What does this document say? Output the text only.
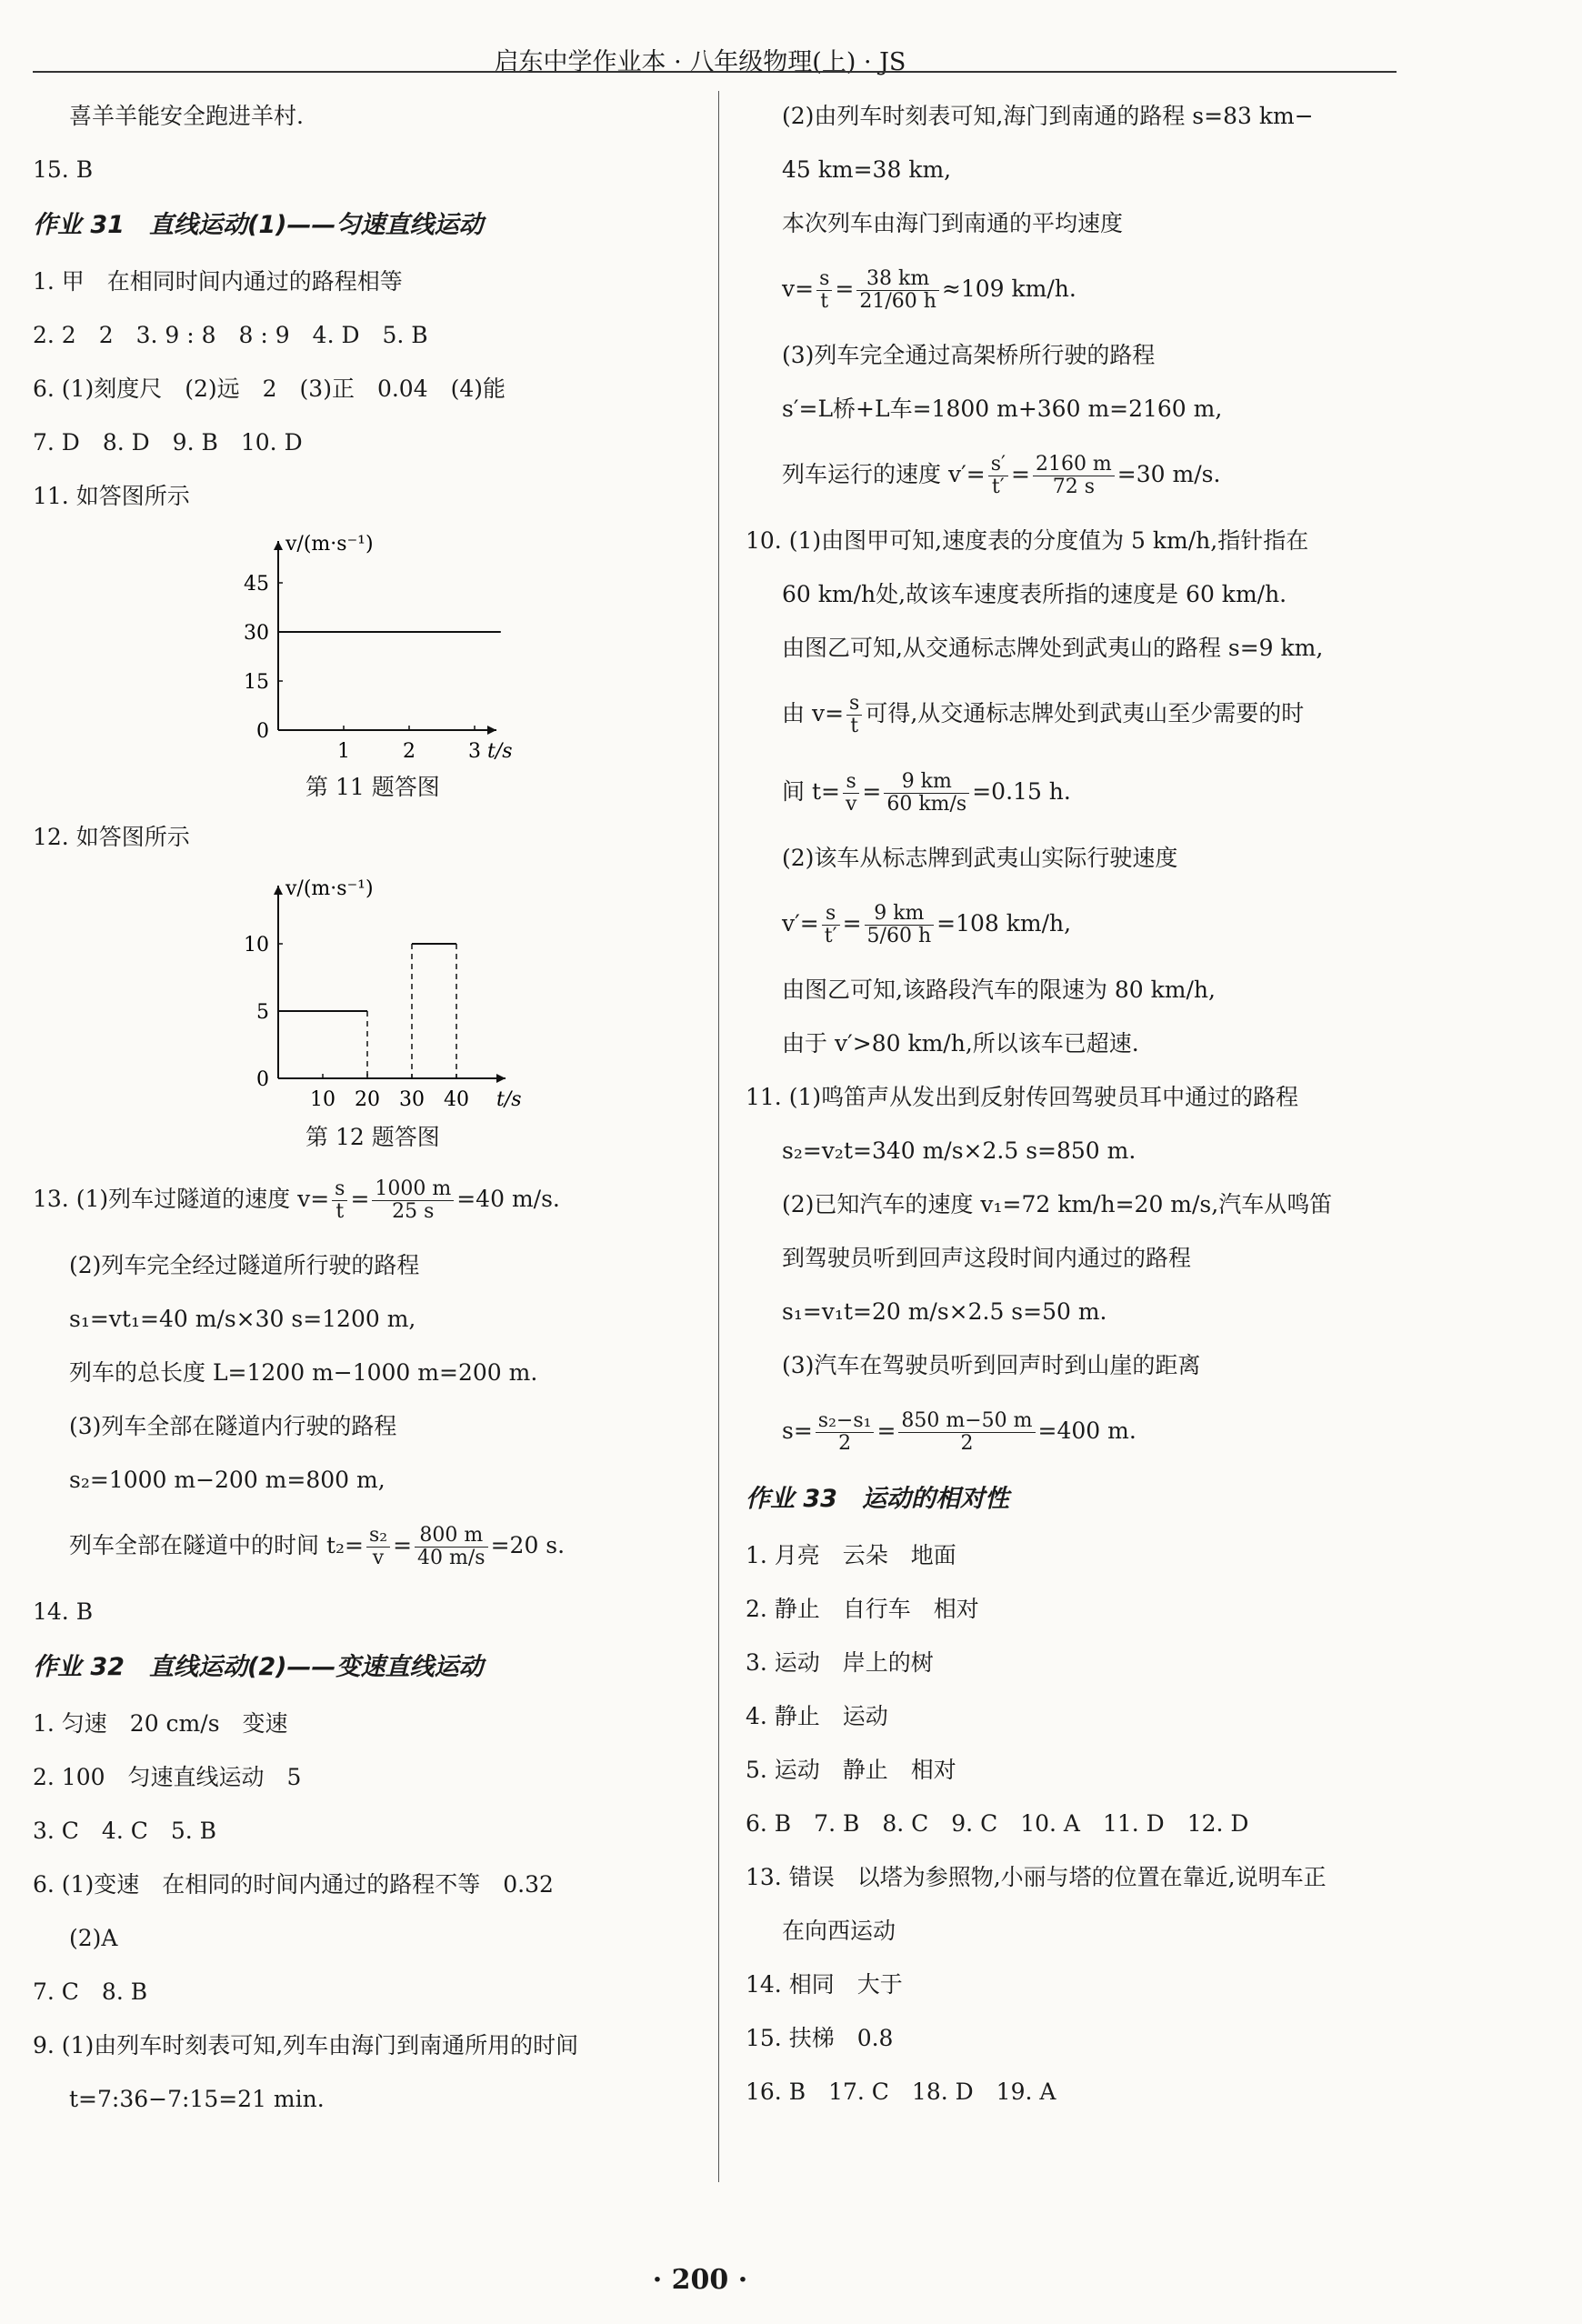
启东中学作业本 · 八年级物理(上) · JS
喜羊羊能安全跑进羊村.
15. B
作业 31　直线运动(1)——匀速直线运动
1. 甲　在相同时间内通过的路程相等
2. 2　2　3. 9 : 8　8 : 9　4. D　5. B
6. (1)刻度尺　(2)远　2　(3)正　0.04　(4)能
7. D　8. D　9. B　10. D
11. 如答图所示
v/(m·s⁻¹)
t/s
0
15
30
45
1	2	3
第 11 题答图
12. 如答图所示
v/(m·s⁻¹)
t/s
0
5
10
10 20 30 40
第 12 题答图
13. (1)列车过隧道的速度 $v= \frac{s}{t} = \frac{1000 m}{25 s} =40$ m/s.
(2)列车完全经过隧道所行驶的路程
s₁=vt₁=40 m/s×30 s=1200 m,
列车的总长度 L=1200 m−1000 m=200 m.
(3)列车全部在隧道内行驶的路程
s₂=1000 m−200 m=800 m,
列车全部在隧道中的时间 $t_2= \frac{\text{s₂}}{v} = \frac{800 m}{40 m/s} =20$ s.
14. B
作业 32　直线运动(2)——变速直线运动
1. 匀速　20 cm/s　变速
2. 100　匀速直线运动　5
3. C　4. C　5. B
6. (1)变速　在相同的时间内通过的路程不等　0.32
(2)A
7. C　8. B
9. (1)由列车时刻表可知,列车由海门到南通所用的时间
t=7:36−7:15=21 min.
(2)由列车时刻表可知,海门到南通的路程 s=83 km−
45 km=38 km,
本次列车由海门到南通的平均速度
$v= \frac{s}{t} = \frac{38 km}{21/60 h} \approx 109$ km/h.
(3)列车完全通过高架桥所行驶的路程
s′=L桥+L车=1800 m+360 m=2160 m,
列车运行的速度 $v'= \frac{s'}{t'} = \frac{2160 m}{72 s} =30$ m/s.
10. (1)由图甲可知,速度表的分度值为 5 km/h,指针指在
60 km/h处,故该车速度表所指的速度是 60 km/h.
由图乙可知,从交通标志牌处到武夷山的路程 s=9 km,
由 $v= \frac{s}{t}$ 可得,从交通标志牌处到武夷山至少需要的时
间 $t= \frac{s}{v} = \frac{9 km}{60 km/s} =0.15$ h.
(2)该车从标志牌到武夷山实际行驶速度
$v'= \frac{s}{t'} = \frac{9 km}{5/60 h} =108$ km/h,
由图乙可知,该路段汽车的限速为 80 km/h,
由于 v′>80 km/h,所以该车已超速.
11. (1)鸣笛声从发出到反射传回驾驶员耳中通过的路程
s₂=v₂t=340 m/s×2.5 s=850 m.
(2)已知汽车的速度 v₁=72 km/h=20 m/s,汽车从鸣笛
到驾驶员听到回声这段时间内通过的路程
s₁=v₁t=20 m/s×2.5 s=50 m.
(3)汽车在驾驶员听到回声时到山崖的距离
$s= \frac{\text{s₂−s₁}}{2} = \frac{850 m-50 m}{2} =400$ m.
作业 33　运动的相对性
1. 月亮　云朵　地面
2. 静止　自行车　相对
3. 运动　岸上的树
4. 静止　运动
5. 运动　静止　相对
6. B　7. B　8. C　9. C　10. A　11. D　12. D
13. 错误　以塔为参照物,小丽与塔的位置在靠近,说明车正
在向西运动
14. 相同　大于
15. 扶梯　0.8
16. B　17. C　18. D　19. A
· 200 ·
